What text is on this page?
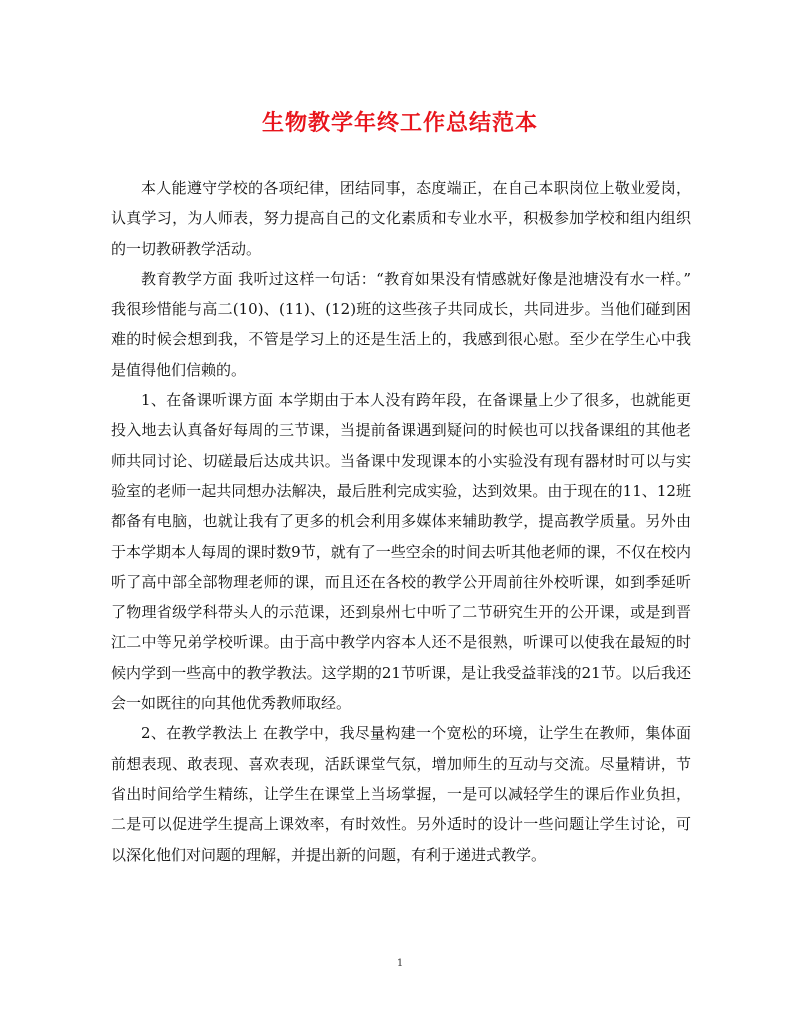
生物教学年终工作总结范本

本人能遵守学校的各项纪律，团结同事，态度端正，在自己本职岗位上敬业爱岗，认真学习，为人师表，努力提高自己的文化素质和专业水平，积极参加学校和组内组织的一切教研教学活动。

教育教学方面 我听过这样一句话：“教育如果没有情感就好像是池塘没有水一样。” 我很珍惜能与高二(10)、(11)、(12)班的这些孩子共同成长，共同进步。当他们碰到困难的时候会想到我，不管是学习上的还是生活上的，我感到很心慰。至少在学生心中我是值得他们信赖的。

1、在备课听课方面 本学期由于本人没有跨年段，在备课量上少了很多，也就能更投入地去认真备好每周的三节课，当提前备课遇到疑问的时候也可以找备课组的其他老师共同讨论、切磋最后达成共识。当备课中发现课本的小实验没有现有器材时可以与实验室的老师一起共同想办法解决，最后胜利完成实验，达到效果。由于现在的11、12班都备有电脑，也就让我有了更多的机会利用多媒体来辅助教学，提高教学质量。另外由于本学期本人每周的课时数9节，就有了一些空余的时间去听其他老师的课，不仅在校内听了高中部全部物理老师的课，而且还在各校的教学公开周前往外校听课，如到季延听了物理省级学科带头人的示范课，还到泉州七中听了二节研究生开的公开课，或是到晋江二中等兄弟学校听课。由于高中教学内容本人还不是很熟，听课可以使我在最短的时候内学到一些高中的教学教法。这学期的21节听课，是让我受益菲浅的21节。以后我还会一如既往的向其他优秀教师取经。

2、在教学教法上 在教学中，我尽量构建一个宽松的环境，让学生在教师，集体面前想表现、敢表现、喜欢表现，活跃课堂气氛，增加师生的互动与交流。尽量精讲，节省出时间给学生精练，让学生在课堂上当场掌握，一是可以减轻学生的课后作业负担，二是可以促进学生提高上课效率，有时效性。另外适时的设计一些问题让学生讨论，可以深化他们对问题的理解，并提出新的问题，有利于递进式教学。

1
